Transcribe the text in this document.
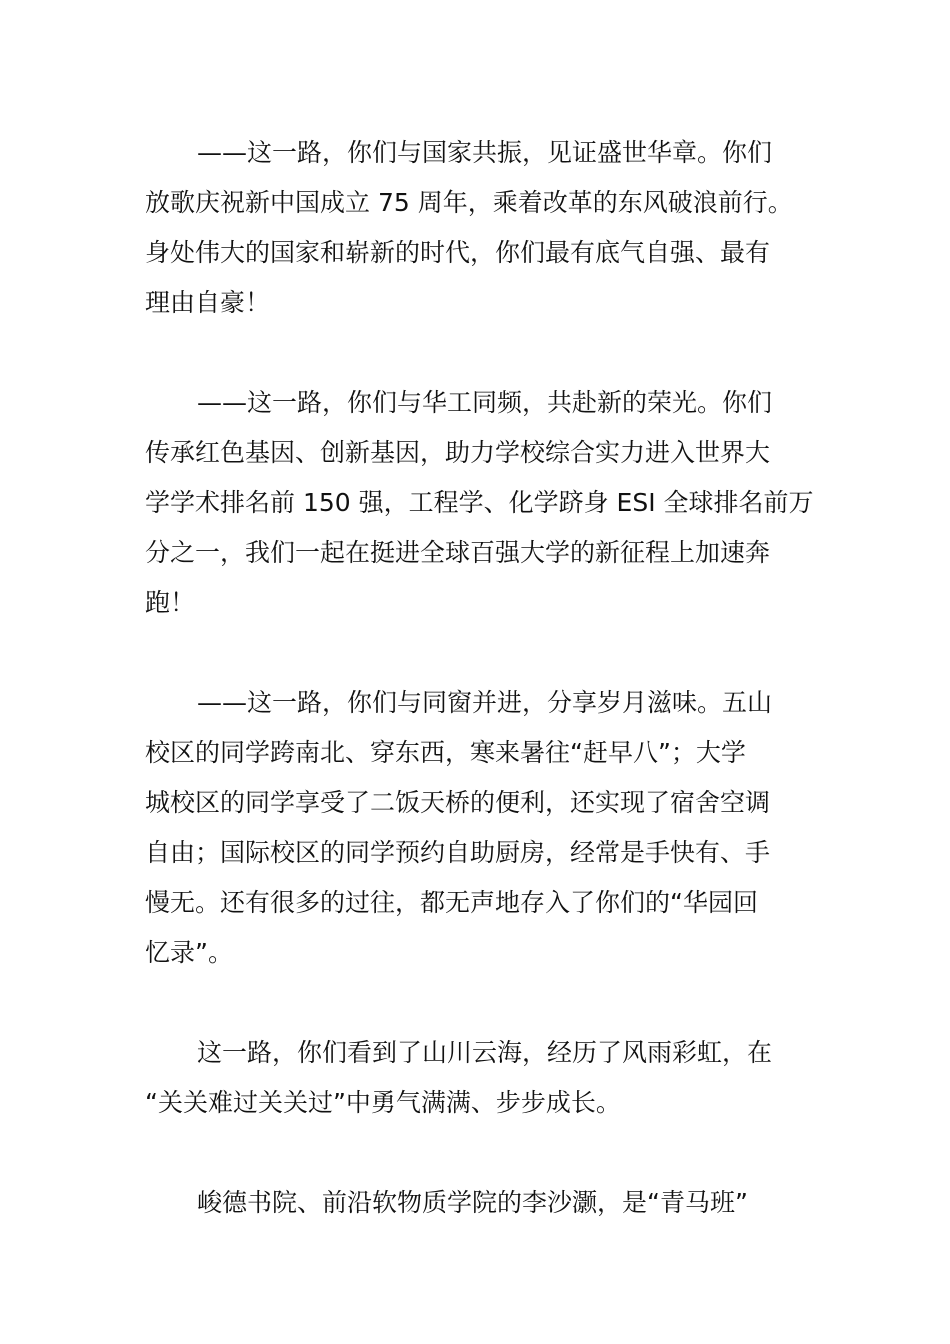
——这一路，你们与国家共振，见证盛世华章。你们
放歌庆祝新中国成立 75 周年，乘着改革的东风破浪前行。
身处伟大的国家和崭新的时代，你们最有底气自强、最有
理由自豪！

——这一路，你们与华工同频，共赴新的荣光。你们
传承红色基因、创新基因，助力学校综合实力进入世界大
学学术排名前 150 强，工程学、化学跻身 ESI 全球排名前万
分之一，我们一起在挺进全球百强大学的新征程上加速奔
跑！

——这一路，你们与同窗并进，分享岁月滋味。五山
校区的同学跨南北、穿东西，寒来暑往“赶早八”；大学
城校区的同学享受了二饭天桥的便利，还实现了宿舍空调
自由；国际校区的同学预约自助厨房，经常是手快有、手
慢无。还有很多的过往，都无声地存入了你们的“华园回
忆录”。

这一路，你们看到了山川云海，经历了风雨彩虹，在
“关关难过关关过”中勇气满满、步步成长。

峻德书院、前沿软物质学院的李沙灏，是“青马班”
